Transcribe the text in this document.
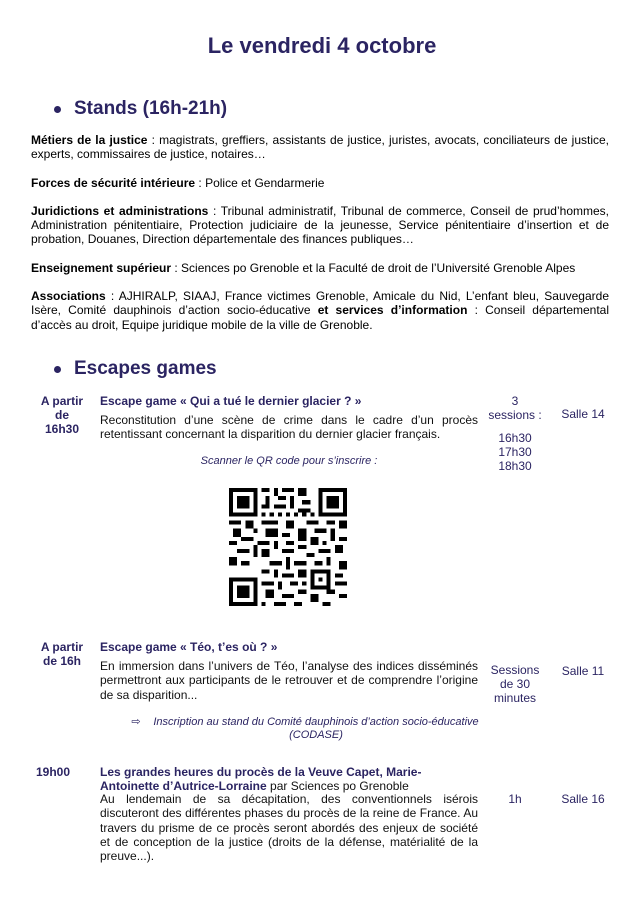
Le vendredi 4 octobre
Stands (16h-21h)

Métiers de la justice : magistrats, greffiers, assistants de justice, juristes, avocats, conciliateurs de justice, experts, commissaires de justice, notaires…

Forces de sécurité intérieure : Police et Gendarmerie

Juridictions et administrations : Tribunal administratif, Tribunal de commerce, Conseil de prud’hommes, Administration pénitentiaire, Protection judiciaire de la jeunesse, Service pénitentiaire d’insertion et de probation, Douanes, Direction départementale des finances publiques…

Enseignement supérieur : Sciences po Grenoble et la Faculté de droit de l’Université Grenoble Alpes

Associations : AJHIRALP, SIAAJ, France victimes Grenoble, Amicale du Nid, L’enfant bleu, Sauvegarde Isère, Comité dauphinois d’action socio-éducative et services d’information : Conseil départemental d’accès au droit, Equipe juridique mobile de la ville de Grenoble.

Escapes games
A partir
de
16h30
Escape game « Qui a tué le dernier glacier ? »
Reconstitution d’une scène de crime dans le cadre d’un procès retentissant concernant la disparition du dernier glacier français.
Scanner le QR code pour s’inscrire :
3
sessions :
16h30
17h30
18h30
Salle 14
A partir
de 16h
Escape game « Téo, t’es où ? »
En immersion dans l’univers de Téo, l’analyse des indices disséminés permettront aux participants de le retrouver et de comprendre l’origine de sa disparition...
⇨ Inscription au stand du Comité dauphinois d’action socio-éducative (CODASE)
Sessions
de 30
minutes
Salle 11
19h00	Les grandes heures du procès de la Veuve Capet, Marie-Antoinette d’Autrice-Lorraine par Sciences po Grenoble
Au lendemain de sa décapitation, des conventionnels isérois discuteront des différentes phases du procès de la reine de France. Au travers du prisme de ce procès seront abordés des enjeux de société et de conception de la justice (droits de la défense, matérialité de la preuve...).
1h	Salle 16
